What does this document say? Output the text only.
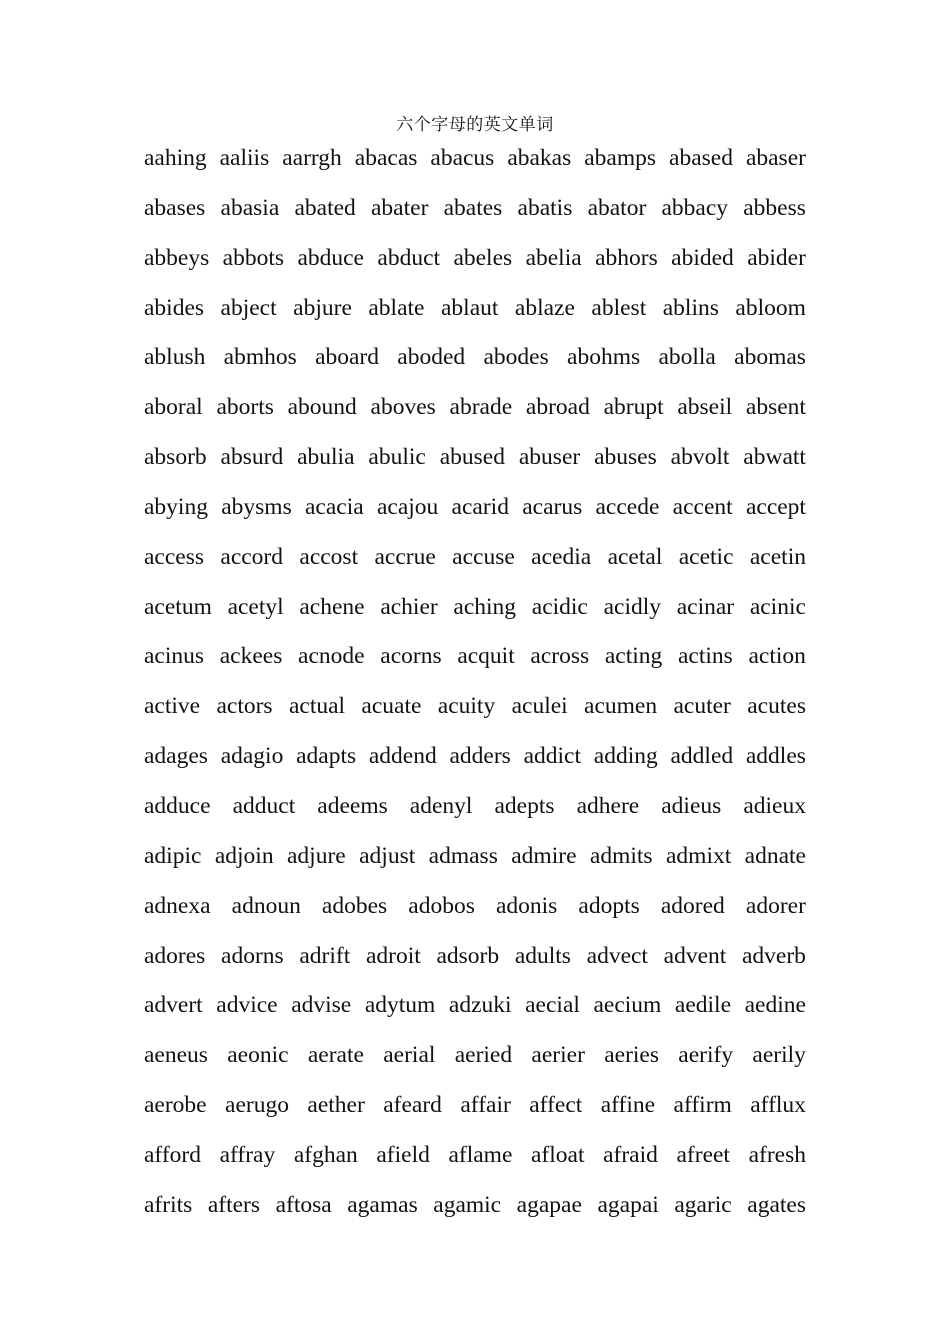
六个字母的英文单词
aahing aaliis aarrgh abacas abacus abakas abamps abased abaser
abases abasia abated abater abates abatis abator abbacy abbess
abbeys abbots abduce abduct abeles abelia abhors abided abider
abides abject abjure ablate ablaut ablaze ablest ablins abloom
ablush abmhos aboard aboded abodes abohms abolla abomas
aboral aborts abound aboves abrade abroad abrupt abseil absent
absorb absurd abulia abulic abused abuser abuses abvolt abwatt
abying abysms acacia acajou acarid acarus accede accent accept
access accord accost accrue accuse acedia acetal acetic acetin
acetum acetyl achene achier aching acidic acidly acinar acinic
acinus ackees acnode acorns acquit across acting actins action
active actors actual acuate acuity aculei acumen acuter acutes
adages adagio adapts addend adders addict adding addled addles
adduce adduct adeems adenyl adepts adhere adieus adieux
adipic adjoin adjure adjust admass admire admits admixt adnate
adnexa adnoun adobes adobos adonis adopts adored adorer
adores adorns adrift adroit adsorb adults advect advent adverb
advert advice advise adytum adzuki aecial aecium aedile aedine
aeneus aeonic aerate aerial aeried aerier aeries aerify aerily
aerobe aerugo aether afeard affair affect affine affirm afflux
afford affray afghan afield aflame afloat afraid afreet afresh
afrits afters aftosa agamas agamic agapae agapai agaric agates
